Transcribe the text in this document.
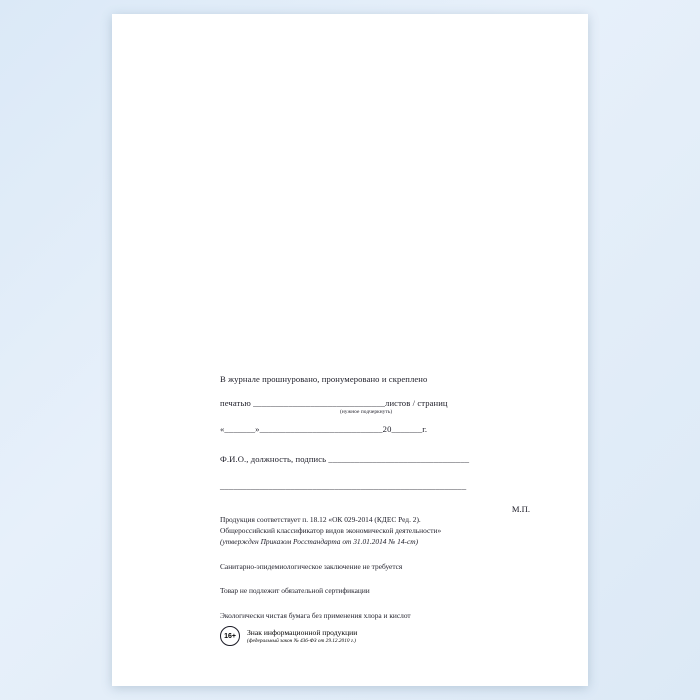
В журнале прошнуровано, пронумеровано и скреплено
печатью ______________________________листов / страниц
(нужное подчеркнуть)
«_______»____________________________20_______г.
Ф.И.О., должность, подпись ________________________________
________________________________________________________
М.П.
Продукция соответствует п. 18.12 «ОК 029-2014 (КДЕС Ред. 2).
Общероссийский классификатор видов экономической деятельности»
(утвержден Приказом Росстандарта от 31.01.2014 № 14-ст)
Санитарно-эпидемиологическое заключение не требуется
Товар не подлежит обязательной сертификации
Экологически чистая бумага без применения хлора и кислот
16+	Знак информационной продукции
(федеральный закон № 436-ФЗ от 29.12.2010 г.)
